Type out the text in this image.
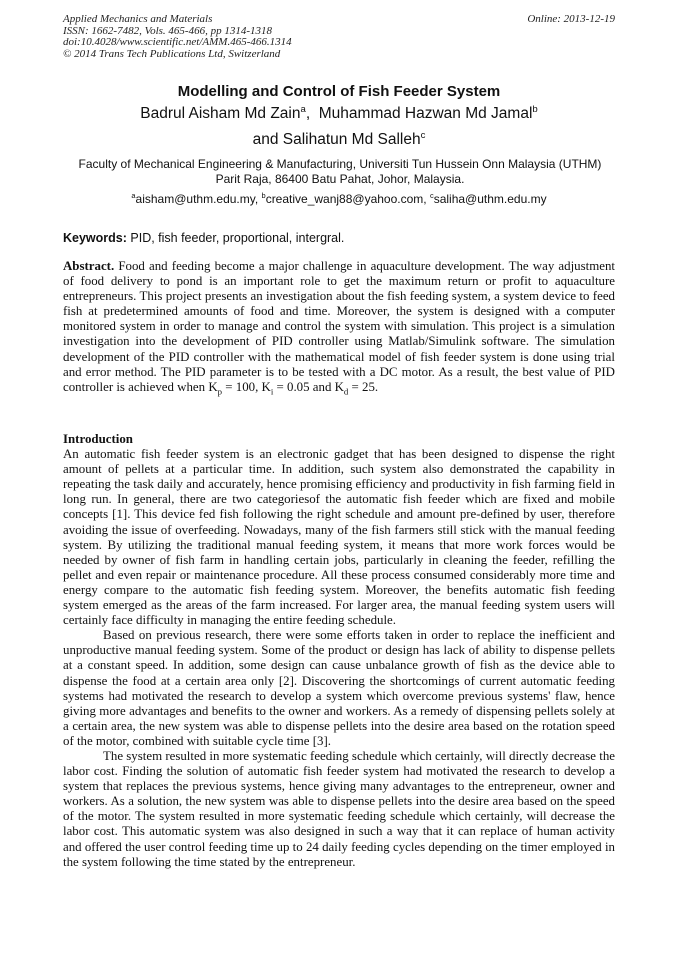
Applied Mechanics and Materials
ISSN: 1662-7482, Vols. 465-466, pp 1314-1318
doi:10.4028/www.scientific.net/AMM.465-466.1314
© 2014 Trans Tech Publications Ltd, Switzerland
Online: 2013-12-19
Modelling and Control of Fish Feeder System
Badrul Aisham Md Zain$^a$,  Muhammad Hazwan Md Jamal$^b$
and Salihatun Md Salleh$^c$
Faculty of Mechanical Engineering & Manufacturing, Universiti Tun Hussein Onn Malaysia (UTHM)
Parit Raja, 86400 Batu Pahat, Johor, Malaysia.
$^a$aisham@uthm.edu.my, $^b$creative_wanj88@yahoo.com, $^c$saliha@uthm.edu.my
Keywords: PID, fish feeder, proportional, intergral.

Abstract. Food and feeding become a major challenge in aquaculture development. The way adjustment of food delivery to pond is an important role to get the maximum return or profit to aquaculture entrepreneurs. This project presents an investigation about the fish feeding system, a system device to feed fish at predetermined amounts of food and time. Moreover, the system is designed with a computer monitored system in order to manage and control the system with simulation. This project is a simulation investigation into the development of PID controller using Matlab/Simulink software. The simulation development of the PID controller with the mathematical model of fish feeder system is done using trial and error method. The PID parameter is to be tested with a DC motor. As a result, the best value of PID controller is achieved when $K_p = 100$, $K_i = 0.05$ and $K_d = 25$.

Introduction

An automatic fish feeder system is an electronic gadget that has been designed to dispense the right amount of pellets at a particular time. In addition, such system also demonstrated the capability in repeating the task daily and accurately, hence promising efficiency and productivity in fish farming field in long run. In general, there are two categoriesof the automatic fish feeder which are fixed and mobile concepts [1]. This device fed fish following the right schedule and amount pre-defined by user, therefore avoiding the issue of overfeeding. Nowadays, many of the fish farmers still stick with the manual feeding system. By utilizing the traditional manual feeding system, it means that more work forces would be needed by owner of fish farm in handling certain jobs, particularly in cleaning the feeder, refilling the pellet and even repair or maintenance procedure. All these process consumed considerably more time and energy compare to the automatic fish feeding system. Moreover, the benefits automatic fish feeding system emerged as the areas of the farm increased. For larger area, the manual feeding system users will certainly face difficulty in managing the entire feeding schedule.

Based on previous research, there were some efforts taken in order to replace the inefficient and unproductive manual feeding system. Some of the product or design has lack of ability to dispense pellets at a constant speed. In addition, some design can cause unbalance growth of fish as the device able to dispense the food at a certain area only [2]. Discovering the shortcomings of current automatic feeding systems had motivated the research to develop a system which overcome previous systems' flaw, hence giving more advantages and benefits to the owner and workers. As a remedy of dispensing pellets solely at a certain area, the new system was able to dispense pellets into the desire area based on the rotation speed of the motor, combined with suitable cycle time [3].

The system resulted in more systematic feeding schedule which certainly, will directly decrease the labor cost. Finding the solution of automatic fish feeder system had motivated the research to develop a system that replaces the previous systems, hence giving many advantages to the entrepreneur, owner and workers. As a solution, the new system was able to dispense pellets into the desire area based on the speed of the motor. The system resulted in more systematic feeding schedule which certainly, will decrease the labor cost. This automatic system was also designed in such a way that it can replace of human activity and offered the user control feeding time up to 24 daily feeding cycles depending on the timer employed in the system following the time stated by the entrepreneur.
